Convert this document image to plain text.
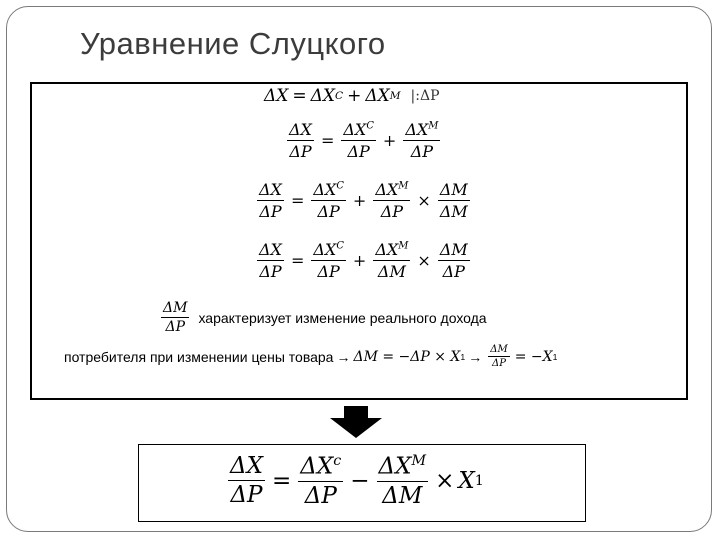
Уравнение Слуцкого
ΔX = ΔX C + ΔX M |:ΔP
$\frac{\Delta X}{\Delta P} = \frac{\Delta X^C}{\Delta P} + \frac{\Delta X^M}{\Delta P}$
$\frac{\Delta X}{\Delta P} = \frac{\Delta X^C}{\Delta P} + \frac{\Delta X^M}{\Delta P} \times \frac{\Delta M}{\Delta M}$
$\frac{\Delta X}{\Delta P} = \frac{\Delta X^C}{\Delta P} + \frac{\Delta X^M}{\Delta M} \times \frac{\Delta M}{\Delta P}$
$\frac{\Delta M}{\Delta P}$ характеризует изменение реального дохода
потребителя при изменении цены товара → ΔM = −ΔP × X $1 \to \frac{\Delta M}{\Delta P} = -X$ 1
$\frac{\Delta X}{\Delta P} = \frac{\Delta X^c}{\Delta P} - \frac{\Delta X^M}{\Delta M} \times X$ 1
